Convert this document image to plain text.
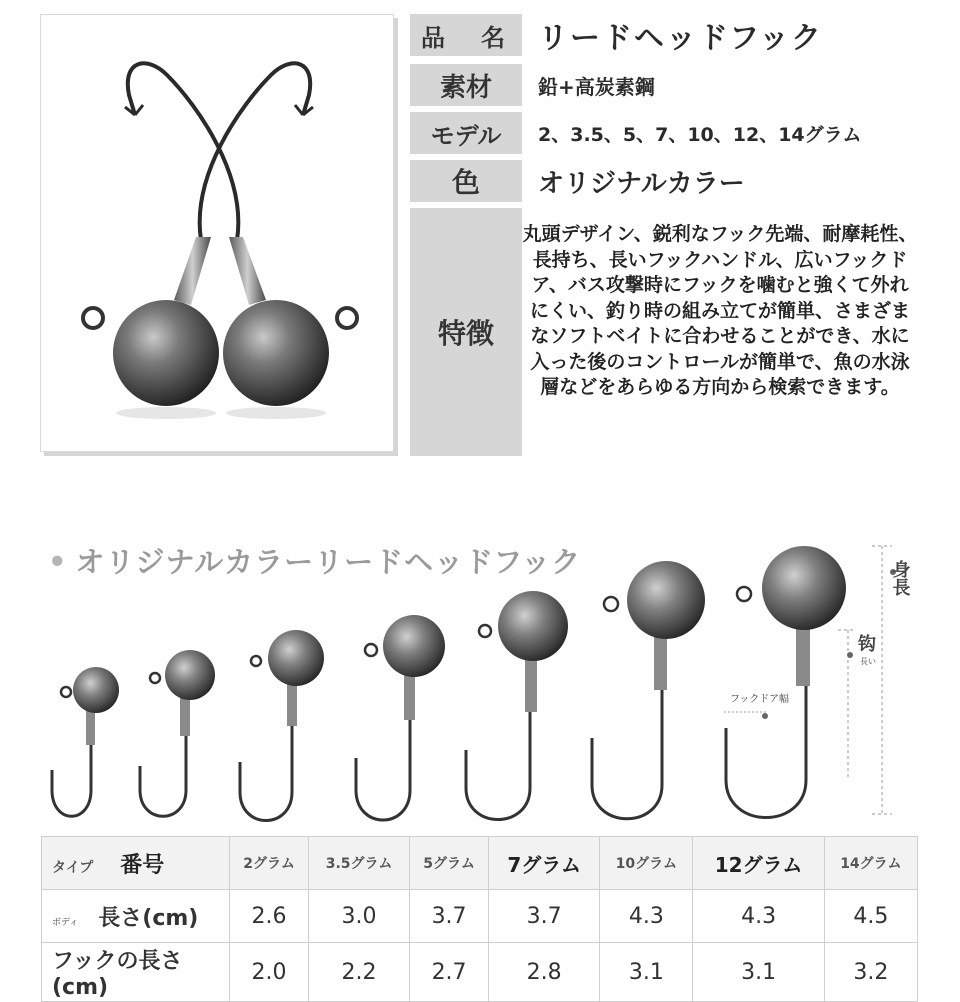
品　名 リードヘッドフック
素材	鉛+高炭素鋼
モデル	2、3.5、5、7、10、12、14グラム
色	オリジナルカラー
特徴
丸頭デザイン、鋭利なフック先端、耐摩耗性、長持ち、長いフックハンドル、広いフックドア、バス攻撃時にフックを噛むと強くて外れにくい、釣り時の組み立てが簡単、さまざまなソフトベイトに合わせることができ、水に入った後のコントロールが簡単で、魚の水泳層などをあらゆる方向から検索できます。
• オリジナルカラーリードヘッドフック	身長
钩
長い
フックドア幅
タイプ 番号	2グラム	3.5グラム	5グラム	7グラム	10グラム	12グラム	14グラム
ボディ 長さ(cm)	2.6	3.0	3.7	3.7	4.3	4.3	4.5
フックの長さ(cm)	2.0	2.2	2.7	2.8	3.1	3.1	3.2
